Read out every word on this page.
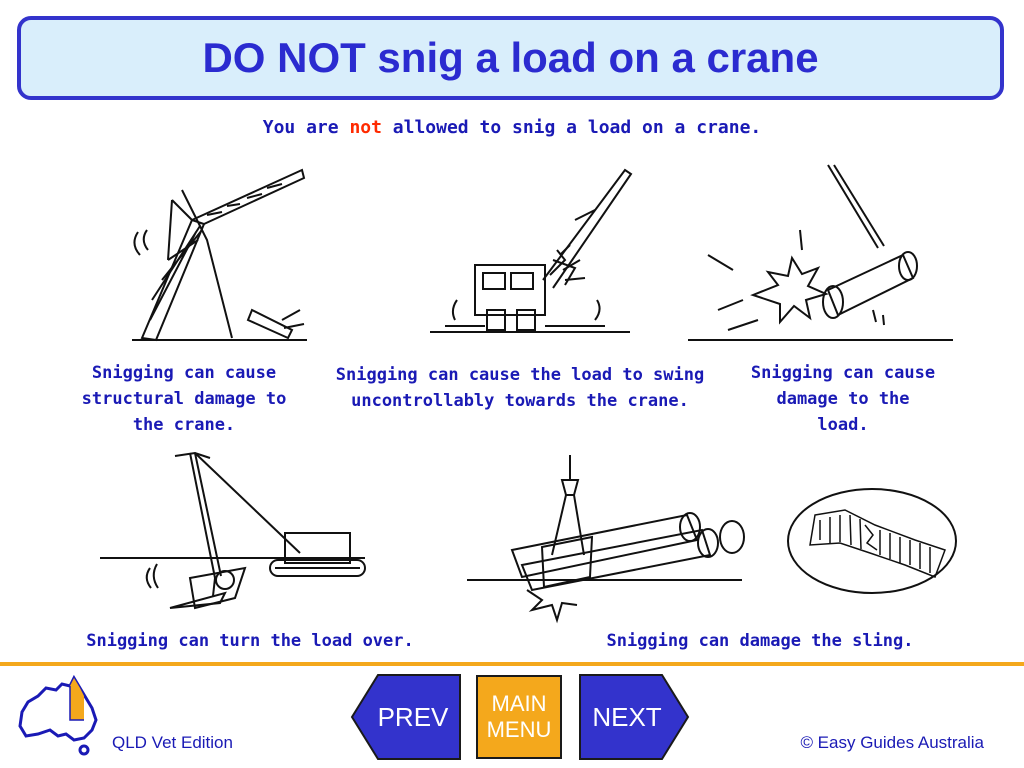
DO NOT snig a load on a crane
You are not allowed to snig a load on a crane.
Snigging can cause structural damage to the crane.
Snigging can cause the load to swing uncontrollably towards the crane.
Snigging can cause damage to the load.
Snigging can turn the load over.	Snigging can damage the sling.
QLD Vet Edition	© Easy Guides Australia
PREV	MAIN
MENU	NEXT
